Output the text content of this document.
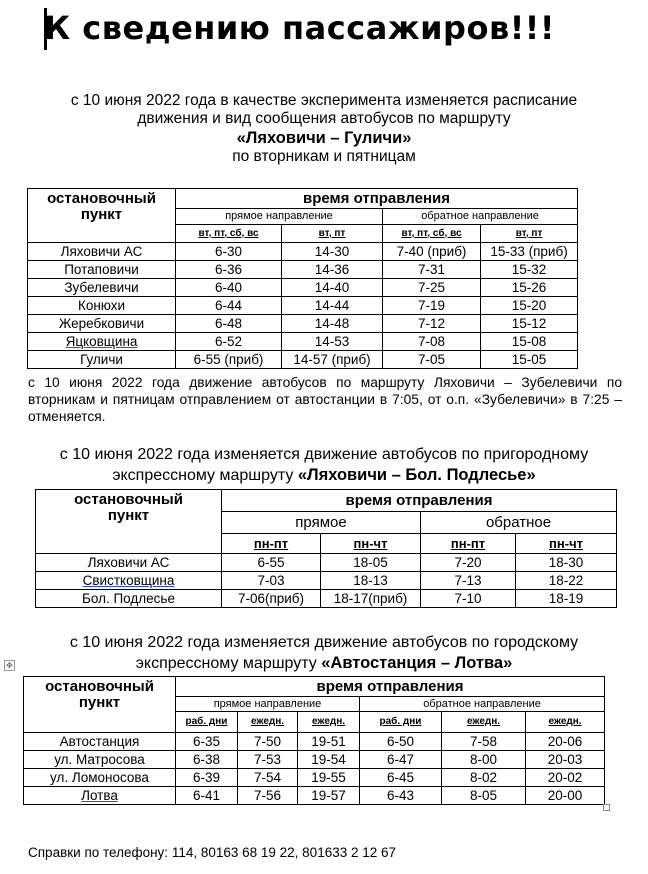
К сведению пассажиров!!!
с 10 июня 2022 года в качестве эксперимента изменяется расписание
движения и вид сообщения автобусов по маршруту
«Ляховичи – Гуличи»
по вторникам и пятницам
остановочный пункт	время отправления			
	прямое направление		обратное направление	
	вт, пт, сб, вс	вт, пт	вт, пт, сб, вс	вт, пт
Ляховичи АС	6-30	14-30	7-40 (приб)	15-33 (приб)
Потаповичи	6-36	14-36	7-31	15-32
Зубелевичи	6-40	14-40	7-25	15-26
Конюхи	6-44	14-44	7-19	15-20
Жеребковичи	6-48	14-48	7-12	15-12
Яцковщина	6-52	14-53	7-08	15-08
Гуличи	6-55 (приб)	14-57 (приб)	7-05	15-05
с 10 июня 2022 года движение автобусов по маршруту Ляховичи – Зубелевичи по вторникам и пятницам отправлением от автостанции в 7:05, от о.п. «Зубелевичи» в 7:25 – отменяется.
с 10 июня 2022 года изменяется движение автобусов по пригородному
экспрессному маршруту «Ляховичи – Бол. Подлесье»
остановочный пункт	время отправления			
	прямое		обратное	
	пн-пт	пн-чт	пн-пт	пн-чт
Ляховичи АС	6-55	18-05	7-20	18-30
Свистковщина	7-03	18-13	7-13	18-22
Бол. Подлесье	7-06(приб)	18-17(приб)	7-10	18-19
с 10 июня 2022 года изменяется движение автобусов по городскому
экспрессному маршруту «Автостанция – Лотва»
✥
остановочный пункт	время отправления					
	прямое направление			обратное направление		
	раб. дни	ежедн.	ежедн.	раб. дни	ежедн.	ежедн.
Автостанция	6-35	7-50	19-51	6-50	7-58	20-06
ул. Матросова	6-38	7-53	19-54	6-47	8-00	20-03
ул. Ломоносова	6-39	7-54	19-55	6-45	8-02	20-02
Лотва	6-41	7-56	19-57	6-43	8-05	20-00
Справки по телефону: 114, 80163 68 19 22, 801633 2 12 67
